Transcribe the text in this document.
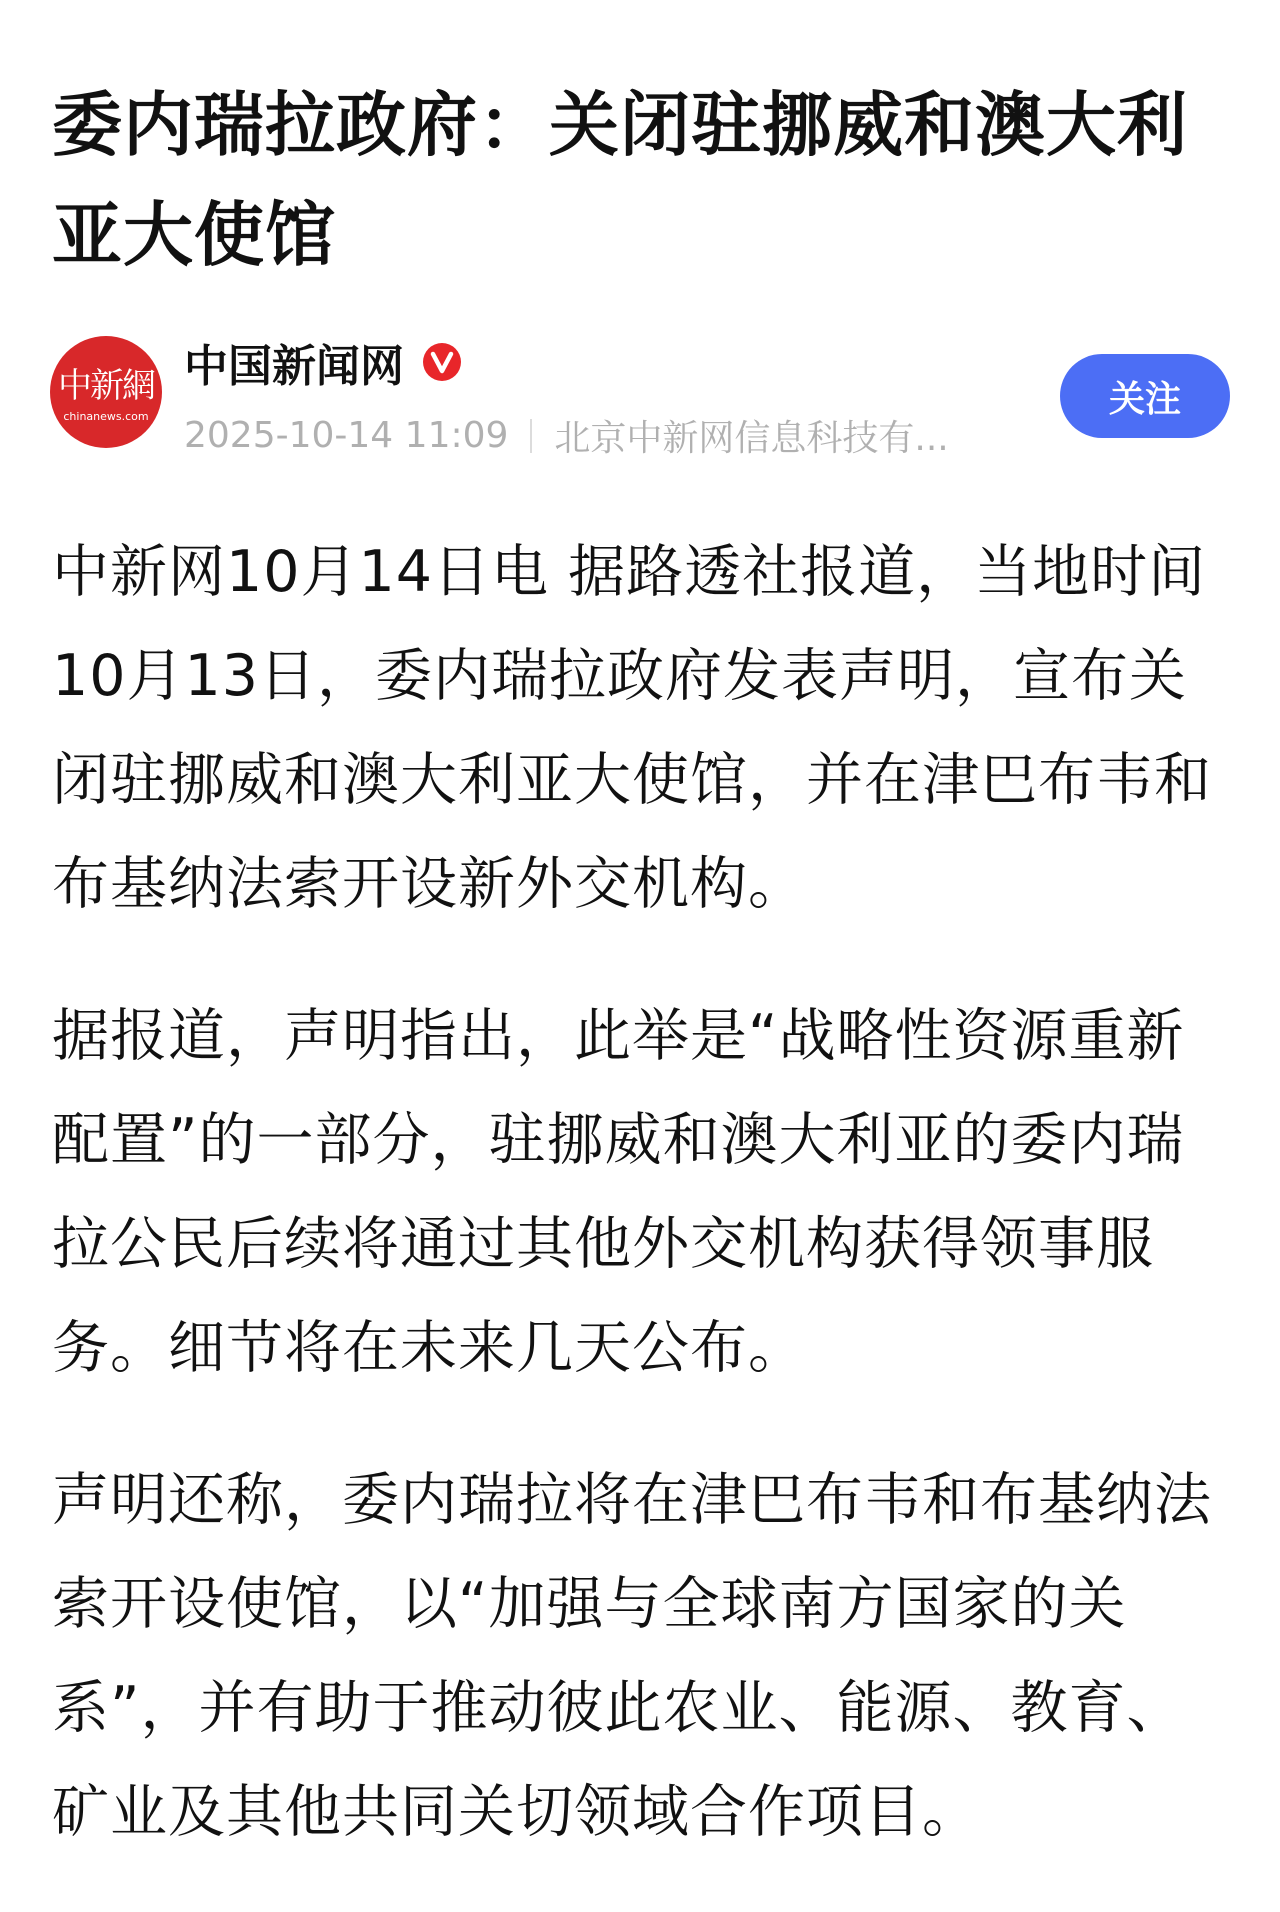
委内瑞拉政府：关闭驻挪威和澳大利亚大使馆
中新網
chinanews.com
中国新闻网
2025-10-14 11:09 北京中新网信息科技有...
关注

中新网10月14日电 据路透社报道，当地时间10月13日，委内瑞拉政府发表声明，宣布关闭驻挪威和澳大利亚大使馆，并在津巴布韦和布基纳法索开设新外交机构。

据报道，声明指出，此举是“战略性资源重新配置”的一部分，驻挪威和澳大利亚的委内瑞拉公民后续将通过其他外交机构获得领事服务。细节将在未来几天公布。

声明还称，委内瑞拉将在津巴布韦和布基纳法索开设使馆，以“加强与全球南方国家的关系”，并有助于推动彼此农业、能源、教育、矿业及其他共同关切领域合作项目。
